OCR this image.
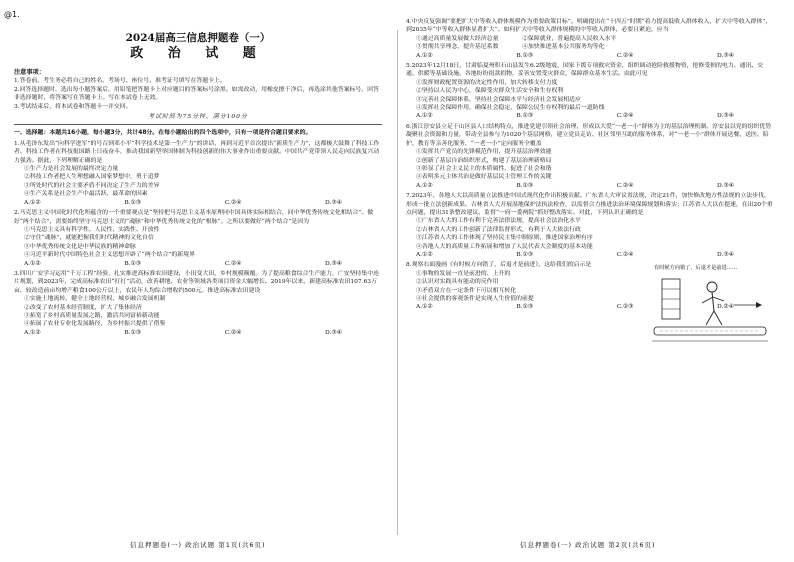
@1.
2024届高三信息押题卷（一）
政 治 试 题
注意事项：

1.答卷前，考生务必将自己的姓名、考场号、座位号、准考证号填写在答题卡上。

2.回答选择题时，选出每小题答案后，用铅笔把答题卡上对应题目的答案标号涂黑。如需改动，用橡皮擦干净后，再选涂其他答案标号。回答非选择题时，将答案写在答题卡上。写在本试卷上无效。

3.考试结束后，将本试卷和答题卡一并交回。

考试时间为75分钟，满分100分
一、选择题：本题共16小题，每小题3分，共计48分。在每小题给出的四个选项中，只有一项是符合题目要求的。

1.从毛泽东发出“向科学进军”的号召到邓小平“科学技术是第一生产力”的讲话，再到习近平首次提出“新质生产力”，这都极大鼓舞了科技工作者。科技工作者在科技报国路上日夜奋斗，推动我国新型举国体制为科技创新的伟大事业作出重要贡献。中国共产党带领人民走向民族复兴动力强劲。据此，下列理解正确的是

①生产力是社会发展的最终决定力量

②科技工作者把人生理想融入国家梦想中，勇于追梦

③所处时代的社会主要矛盾不同决定了生产力的差异

④生产关系是社会生产中最活跃、最革命的因素

A.①②	B.①③	C.②④	D.③④

2.马克思主义中国化时代化所蕴含的一个重要观点是“坚持把马克思主义基本原理同中国具体实际相结合，同中华优秀传统文化相结合”。做好“两个结合”，需要始终坚守马克思主义的“魂脉”和中华优秀传统文化的“根脉”。之所以要做好“两个结合”是因为

①马克思主义具有科学性、人民性、实践性、开放性

②守住“魂脉”，就能把握我们时代精神的文化自信

③中华优秀传统文化是中华民族的精神命脉

④习近平新时代中国特色社会主义思想开辟了“两个结合”的新境界

A.①②	B.①③	C.②④	D.③④

3.四川广安学习运用“千万工程”经验，扎实推进高标准农田建设，小田变大田，乡村规模颠覆。为了提高粮食综合生产能力，广安坚持集中连片规划，到2023年，完成高标准农田“打打”活动，改善耕地，农业等领域各类项目资金大幅增长。2019年以来，新建高标准农田107.63万亩，较改造前亩均增产粮食100公斤以上，农民年人均综合增收约500元。推进高标准农田建设

①实施土地流转，健全土地经营权，城乡融合发展机制

②改变了农村基本经营制度，扩大了集体经济

③拓宽了乡村高质量发展之路，激活共同富裕新动能

④拓展了农业专业化发展路径，为乡村振兴提供了借鉴

A.①②	B.①③	C.②④	D.③④

4.中央反复强调“要把扩大中等收入群体规模作为重要政策目标”。明确提出在“十四五”时期“着力提高低收入群体收入，扩大中等收入群体”，到2035年“中等收入群体显著扩大”。如何扩大中等收入群体规模的中等收入群体，必要且紧迫，应当

①通过高质量发展做大经济总量　　　　②保障就业，普遍提高人民收入水平

③贯彻共享理念，提升基尼系数　　　　④加快推进基本公共服务均等化

A.①②	B.①③	C.②④	D.③④

5.2023年12月18日，甘肃临夏州积石山县发生6.2级地震，国家下拨专项救灾资金，组织调动抢险救援物资，抢修受损的电力、通讯、交通、供暖等基础设施。各地纷纷捐款捐物，妥善安置受灾群众，保障群众基本生活。由此可见

①发挥财政配置资源的决定性作用，加大转移支付力度

②坚持以人民为中心，保障受灾群众生活安全和生存权利

③完善社会保障体系，坚持社会保障水平与经济社会发展相适应

④发挥社会保障作用，确保社会稳定，保障公民生存权利的最后一道防线

A.①②	B.①③	C.②④	D.③④

6.浙江淳安县立足于山区县人口结构特点，推进党建引领社会治理，形成以大爱“一老一小”群体为主的基层治理机制。淳安县以党的组织优势凝聚社会资源和力量，带动全县参与为1020个基层网格，建立党员走访、社区邻里互助的服务体系，对“一老一小”群体开展送餐、送医、陪护、教育等亲善化服务，“一老一小”定向服务全覆盖

①发挥共产党员的先锋模范作用，提升基层治理效能

②创新了基层自治组织形式，构建了基层治理新格局

③彰显了社会主义民主的本质属性，促进了社会和谐

④表明多元主体共治是做好基层民主管理工作的关键

A.①②	B.①③	C.②④	D.③④

7.2023年，各地人大以高质量立法推进中国式现代化作出积极贡献。广东省人大审议省法规，决定21件，加快修改地方性法规的立法步伐，形成一批立法创新成果。吉林省人大开展湿地保护法执法检查，以监督合力推进法治环境保障规划和落实；江苏省人大以在提速，在出20个重点问题，提出31条整改建议，监督“一府一委两院”抓好整改落实。对此，下列认识正确的是

①广东省人大的工作有利于完善法律法规，提高社会法治化水平

②吉林省人大的工作创新了法律监督形式，有利于人大依法行政

③江苏省人大的工作体现了坚持民主集中制原则，推进国家治理有序

④各地人大的高质量工作拓展和增加了人民代表大会制度的基本功能

A.①②	B.①③	C.②④	D.③④

8.观察右面漫画《有时候方向错了，后退才是前进》，这给我们的启示是

①事物的发展一直是前进的、上升的

②认识对实践具有能动的反作用

③矛盾双方在一定条件下可以相互转化

④社会提供的客观条件是实现人生价值的前提

A.①②	B.①③	C.②③	D.②④
有时候方向错了，后退才是前进……
信息押题卷(一) 政治试题 第1页(共6页)	信息押题卷(一) 政治试题 第2页(共6页)
